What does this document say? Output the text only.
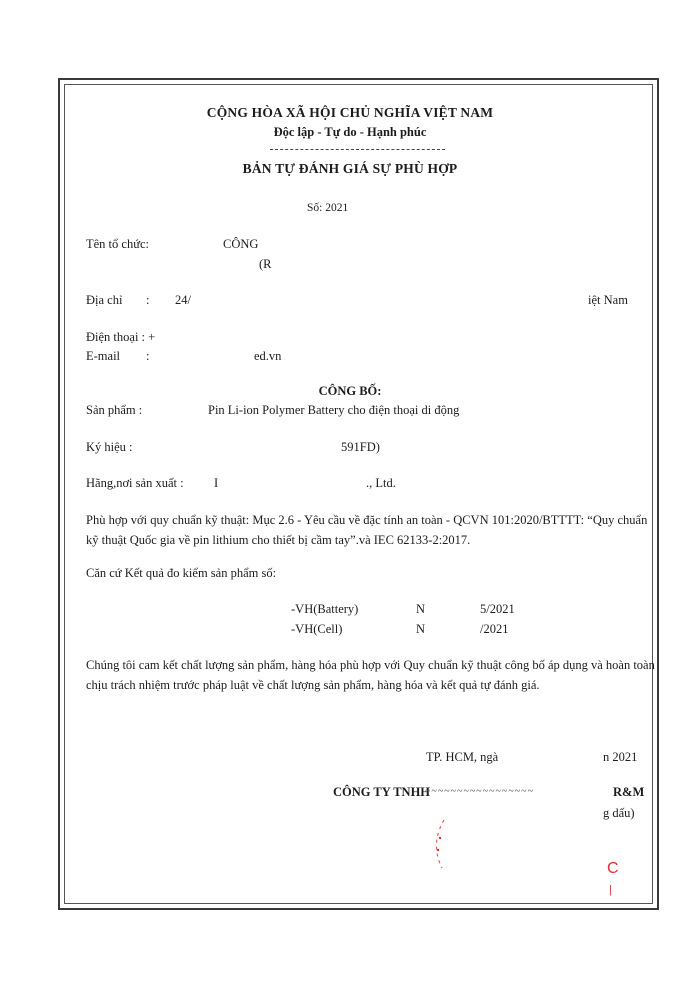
CỘNG HÒA XÃ HỘI CHỦ NGHĨA VIỆT NAM
Độc lập - Tự do - Hạnh phúc
BẢN TỰ ĐÁNH GIÁ SỰ PHÙ HỢP
Số: 2021
Tên tổ chức:	CÔNG
(R
Địa chỉ : 24/	iệt Nam
Điện thoại : +
E-mail :	ed.vn
CÔNG BỐ:
Sản phẩm :	Pin Li-ion Polymer Battery cho điện thoại di động
Ký hiệu :	591FD)
Hãng,nơi sản xuất : I	., Ltd.
Phù hợp với quy chuẩn kỹ thuật: Mục 2.6 - Yêu cầu về đặc tính an toàn - QCVN 101:2020/BTTTT: “Quy chuẩn kỹ thuật Quốc gia về pin lithium cho thiết bị cầm tay”.và IEC 62133-2:2017.
Căn cứ Kết quả đo kiểm sản phẩm số:
-VH(Battery)	N	5/2021
-VH(Cell)	N	/2021
Chúng tôi cam kết chất lượng sản phẩm, hàng hóa phù hợp với Quy chuẩn kỹ thuật công bố áp dụng và hoàn toàn chịu trách nhiệm trước pháp luật về chất lượng sản phẩm, hàng hóa và kết quả tự đánh giá.
TP. HCM, ngà	n 2021
CÔNG TY TNHH
~~~~~~~~~~~~~~~~~	R&M
g dấu)
C
|
